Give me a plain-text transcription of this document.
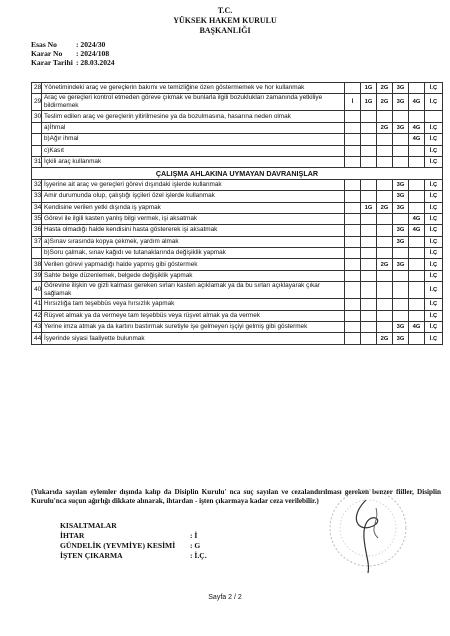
T.C.
YÜKSEK HAKEM KURULU
BAŞKANLIĞI
Esas No	: 2024/30
Karar No : 2024/108
Karar Tarihi : 28.03.2024
28	Yönetimindeki araç ve gereçlerin bakımı ve temizliğine özen göstermemek ve hor kullanmak		1G	2G	3G		İ.Ç
29	Araç ve gereçleri kontrol etmeden göreve çıkmak ve bunlarla ilgili bozuklukları zamanında yetkiliye bildirmemek	İ	1G	2G	3G	4G	İ.Ç
30	Teslim edilen araç ve gereçlerin yitirilmesine ya da bozulmasına, hasarına neden olmak						
	a)İhmal			2G	3G	4G	İ.Ç
	b)Ağır ihmal					4G	İ.Ç
	c)Kasıt						İ.Ç
31	İçkili araç kullanmak						İ.Ç
ÇALIŞMA AHLAKINA UYMAYAN DAVRANIŞLAR							
32	İşyerine ait araç ve gereçleri görevi dışındaki işlerde kullanmak				3G		İ.Ç
33	Amir durumunda olup, çalıştığı işçileri özel işlerde kullanmak				3G		İ.Ç
34	Kendisine verilen yetki dışında iş yapmak		1G	2G	3G		İ.Ç
35	Görevi ile ilgili kasten yanlış bilgi vermek, işi aksatmak					4G	İ.Ç
36	Hasta olmadığı halde kendisini hasta göstererek işi aksatmak				3G	4G	İ.Ç
37	a)Sınav sırasında kopya çekmek, yardım almak				3G		İ.Ç
	b)Soru çalmak, sınav kağıdı ve tutanaklarında değişiklik yapmak						İ.Ç
38	Verilen görevi yapmadığı halde yapmış gibi göstermek			2G	3G		İ.Ç
39	Sahte belge düzenlemek, belgede değişiklik yapmak						İ.Ç
40	Görevine ilişkin ve gizli kalması gereken sırları kasten açıklamak ya da bu sırları açıklayarak çıkar sağlamak						İ.Ç
41	Hırsızlığa tam teşebbüs veya hırsızlık yapmak						İ.Ç
42	Rüşvet almak ya da vermeye tam teşebbüs veya rüşvet almak ya da vermek						İ.Ç
43	Yerine imza atmak ya da kartını bastırmak suretiyle işe gelmeyen işçiyi gelmiş gibi göstermek				3G	4G	İ.Ç
44	İşyerinde siyasi faaliyette bulunmak			2G	3G		İ.Ç
(Yukarıda sayılan eylemler dışında kalıp da Disiplin Kurulu' nca suç sayılan ve cezalandırılması gereken benzer fiiller, Disiplin Kurulu'nca suçun ağırlığı dikkate alınarak, ihtardan - işten çıkarmaya kadar ceza verilebilir.)
KISALTMALAR
İHTAR	: İ
GÜNDELİK (YEVMİYE) KESİMİ : G
İŞTEN ÇIKARMA	: İ.Ç.
Sayfa 2 / 2
